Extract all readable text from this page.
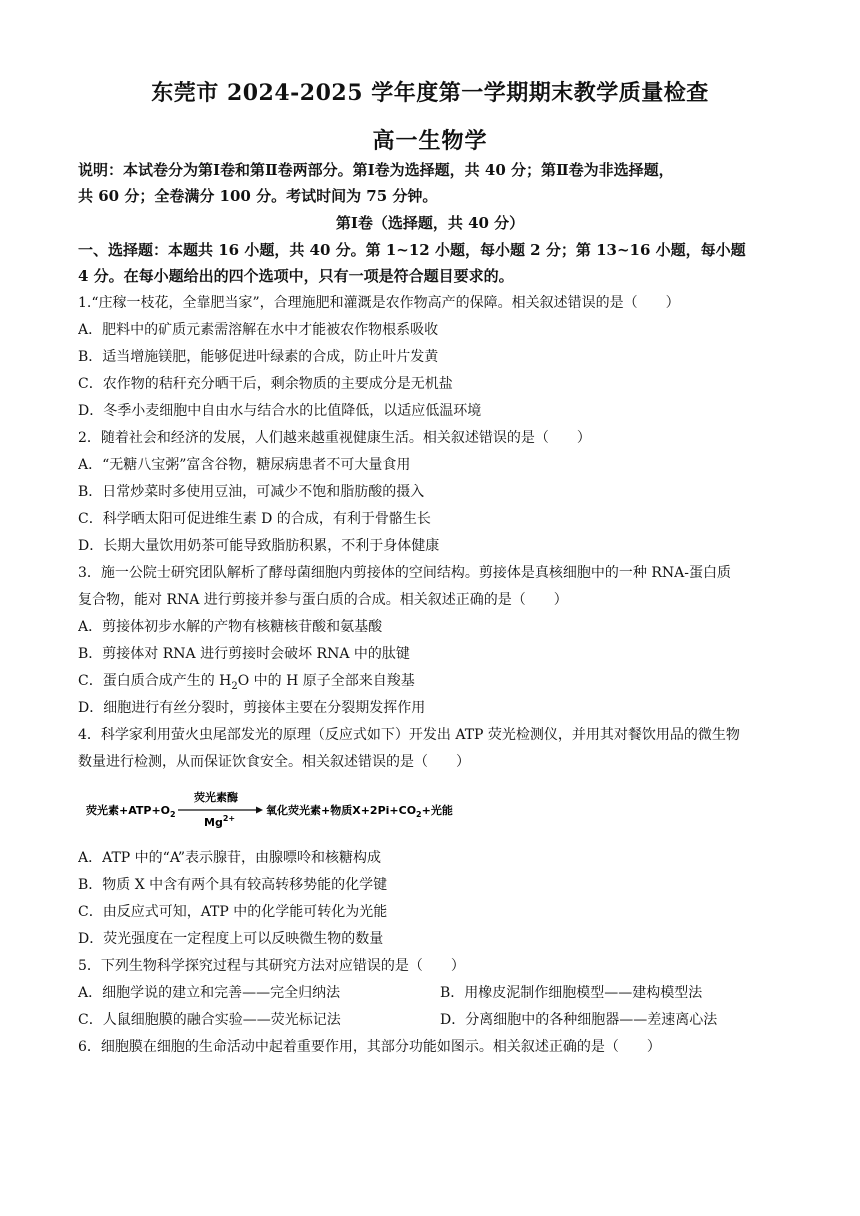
东莞市 2024-2025 学年度第一学期期末教学质量检查
高一生物学
说明：本试卷分为第Ⅰ卷和第Ⅱ卷两部分。第Ⅰ卷为选择题，共 40 分；第Ⅱ卷为非选择题，
共 60 分；全卷满分 100 分。考试时间为 75 分钟。
第Ⅰ卷（选择题，共 40 分）
一、选择题：本题共 16 小题，共 40 分。第 1~12 小题，每小题 2 分；第 13~16 小题，每小题
4 分。在每小题给出的四个选项中，只有一项是符合题目要求的。
1.“庄稼一枝花，全靠肥当家”，合理施肥和灌溉是农作物高产的保障。相关叙述错误的是（　　）
A．肥料中的矿质元素需溶解在水中才能被农作物根系吸收
B．适当增施镁肥，能够促进叶绿素的合成，防止叶片发黄
C．农作物的秸秆充分晒干后，剩余物质的主要成分是无机盐
D．冬季小麦细胞中自由水与结合水的比值降低，以适应低温环境
2．随着社会和经济的发展，人们越来越重视健康生活。相关叙述错误的是（　　）
A．“无糖八宝粥”富含谷物，糖尿病患者不可大量食用
B．日常炒菜时多使用豆油，可减少不饱和脂肪酸的摄入
C．科学晒太阳可促进维生素 D 的合成，有利于骨骼生长
D．长期大量饮用奶茶可能导致脂肪积累，不利于身体健康
3．施一公院士研究团队解析了酵母菌细胞内剪接体的空间结构。剪接体是真核细胞中的一种 RNA-蛋白质
复合物，能对 RNA 进行剪接并参与蛋白质的合成。相关叙述正确的是（　　）
A．剪接体初步水解的产物有核糖核苷酸和氨基酸
B．剪接体对 RNA 进行剪接时会破坏 RNA 中的肽键
C．蛋白质合成产生的 $H_2O$ 中的 H 原子全部来自羧基
D．细胞进行有丝分裂时，剪接体主要在分裂期发挥作用
4．科学家利用萤火虫尾部发光的原理（反应式如下）开发出 ATP 荧光检测仪，并用其对餐饮用品的微生物
数量进行检测，从而保证饮食安全。相关叙述错误的是（　　）
荧光素$+ATP+O_2$
荧光素酶
$Mg^{2+}$
氧化荧光素+物质$X+2Pi+CO_2+$光能
A．ATP 中的“A”表示腺苷，由腺嘌呤和核糖构成
B．物质 X 中含有两个具有较高转移势能的化学键
C．由反应式可知，ATP 中的化学能可转化为光能
D．荧光强度在一定程度上可以反映微生物的数量
5．下列生物科学探究过程与其研究方法对应错误的是（　　）
A．细胞学说的建立和完善——完全归纳法	B．用橡皮泥制作细胞模型——建构模型法
C．人鼠细胞膜的融合实验——荧光标记法	D．分离细胞中的各种细胞器——差速离心法
6．细胞膜在细胞的生命活动中起着重要作用，其部分功能如图示。相关叙述正确的是（　　）
